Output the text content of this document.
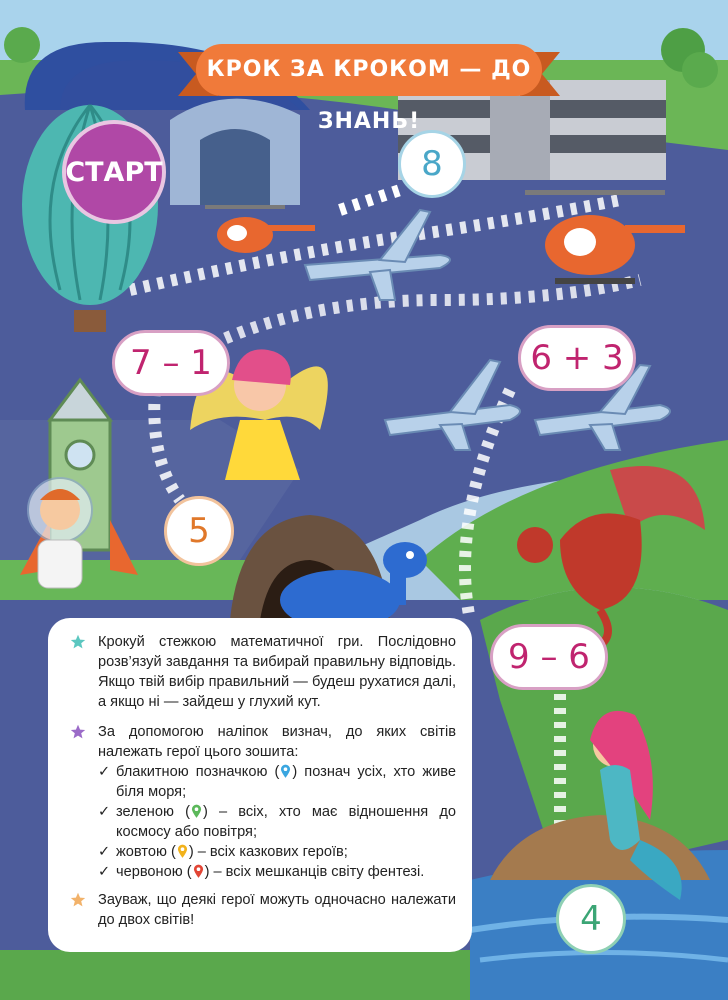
КРОК ЗА КРОКОМ — ДО ЗНАНЬ!
СТАРТ	8
7 – 1	6 + 3
5
9 – 6
4
Крокуй стежкою математичної гри. Послідовно розв’язуй завдання та вибирай правильну відповідь. Якщо твій вибір правильний — будеш рухатися далі, а якщо ні — зайдеш у глухий кут.
За допомогою наліпок визнач, до яких світів належать герої цього зошита:
✓ блакитною позначкою ( ) познач усіх, хто живе біля моря;
✓ зеленою ( ) – всіх, хто має відношення до космосу або повітря;
✓ жовтою ( ) – всіх казкових героїв;
✓ червоною ( ) – всіх мешканців світу фентезі.
Зауваж, що деякі герої можуть одночасно належати до двох світів!
